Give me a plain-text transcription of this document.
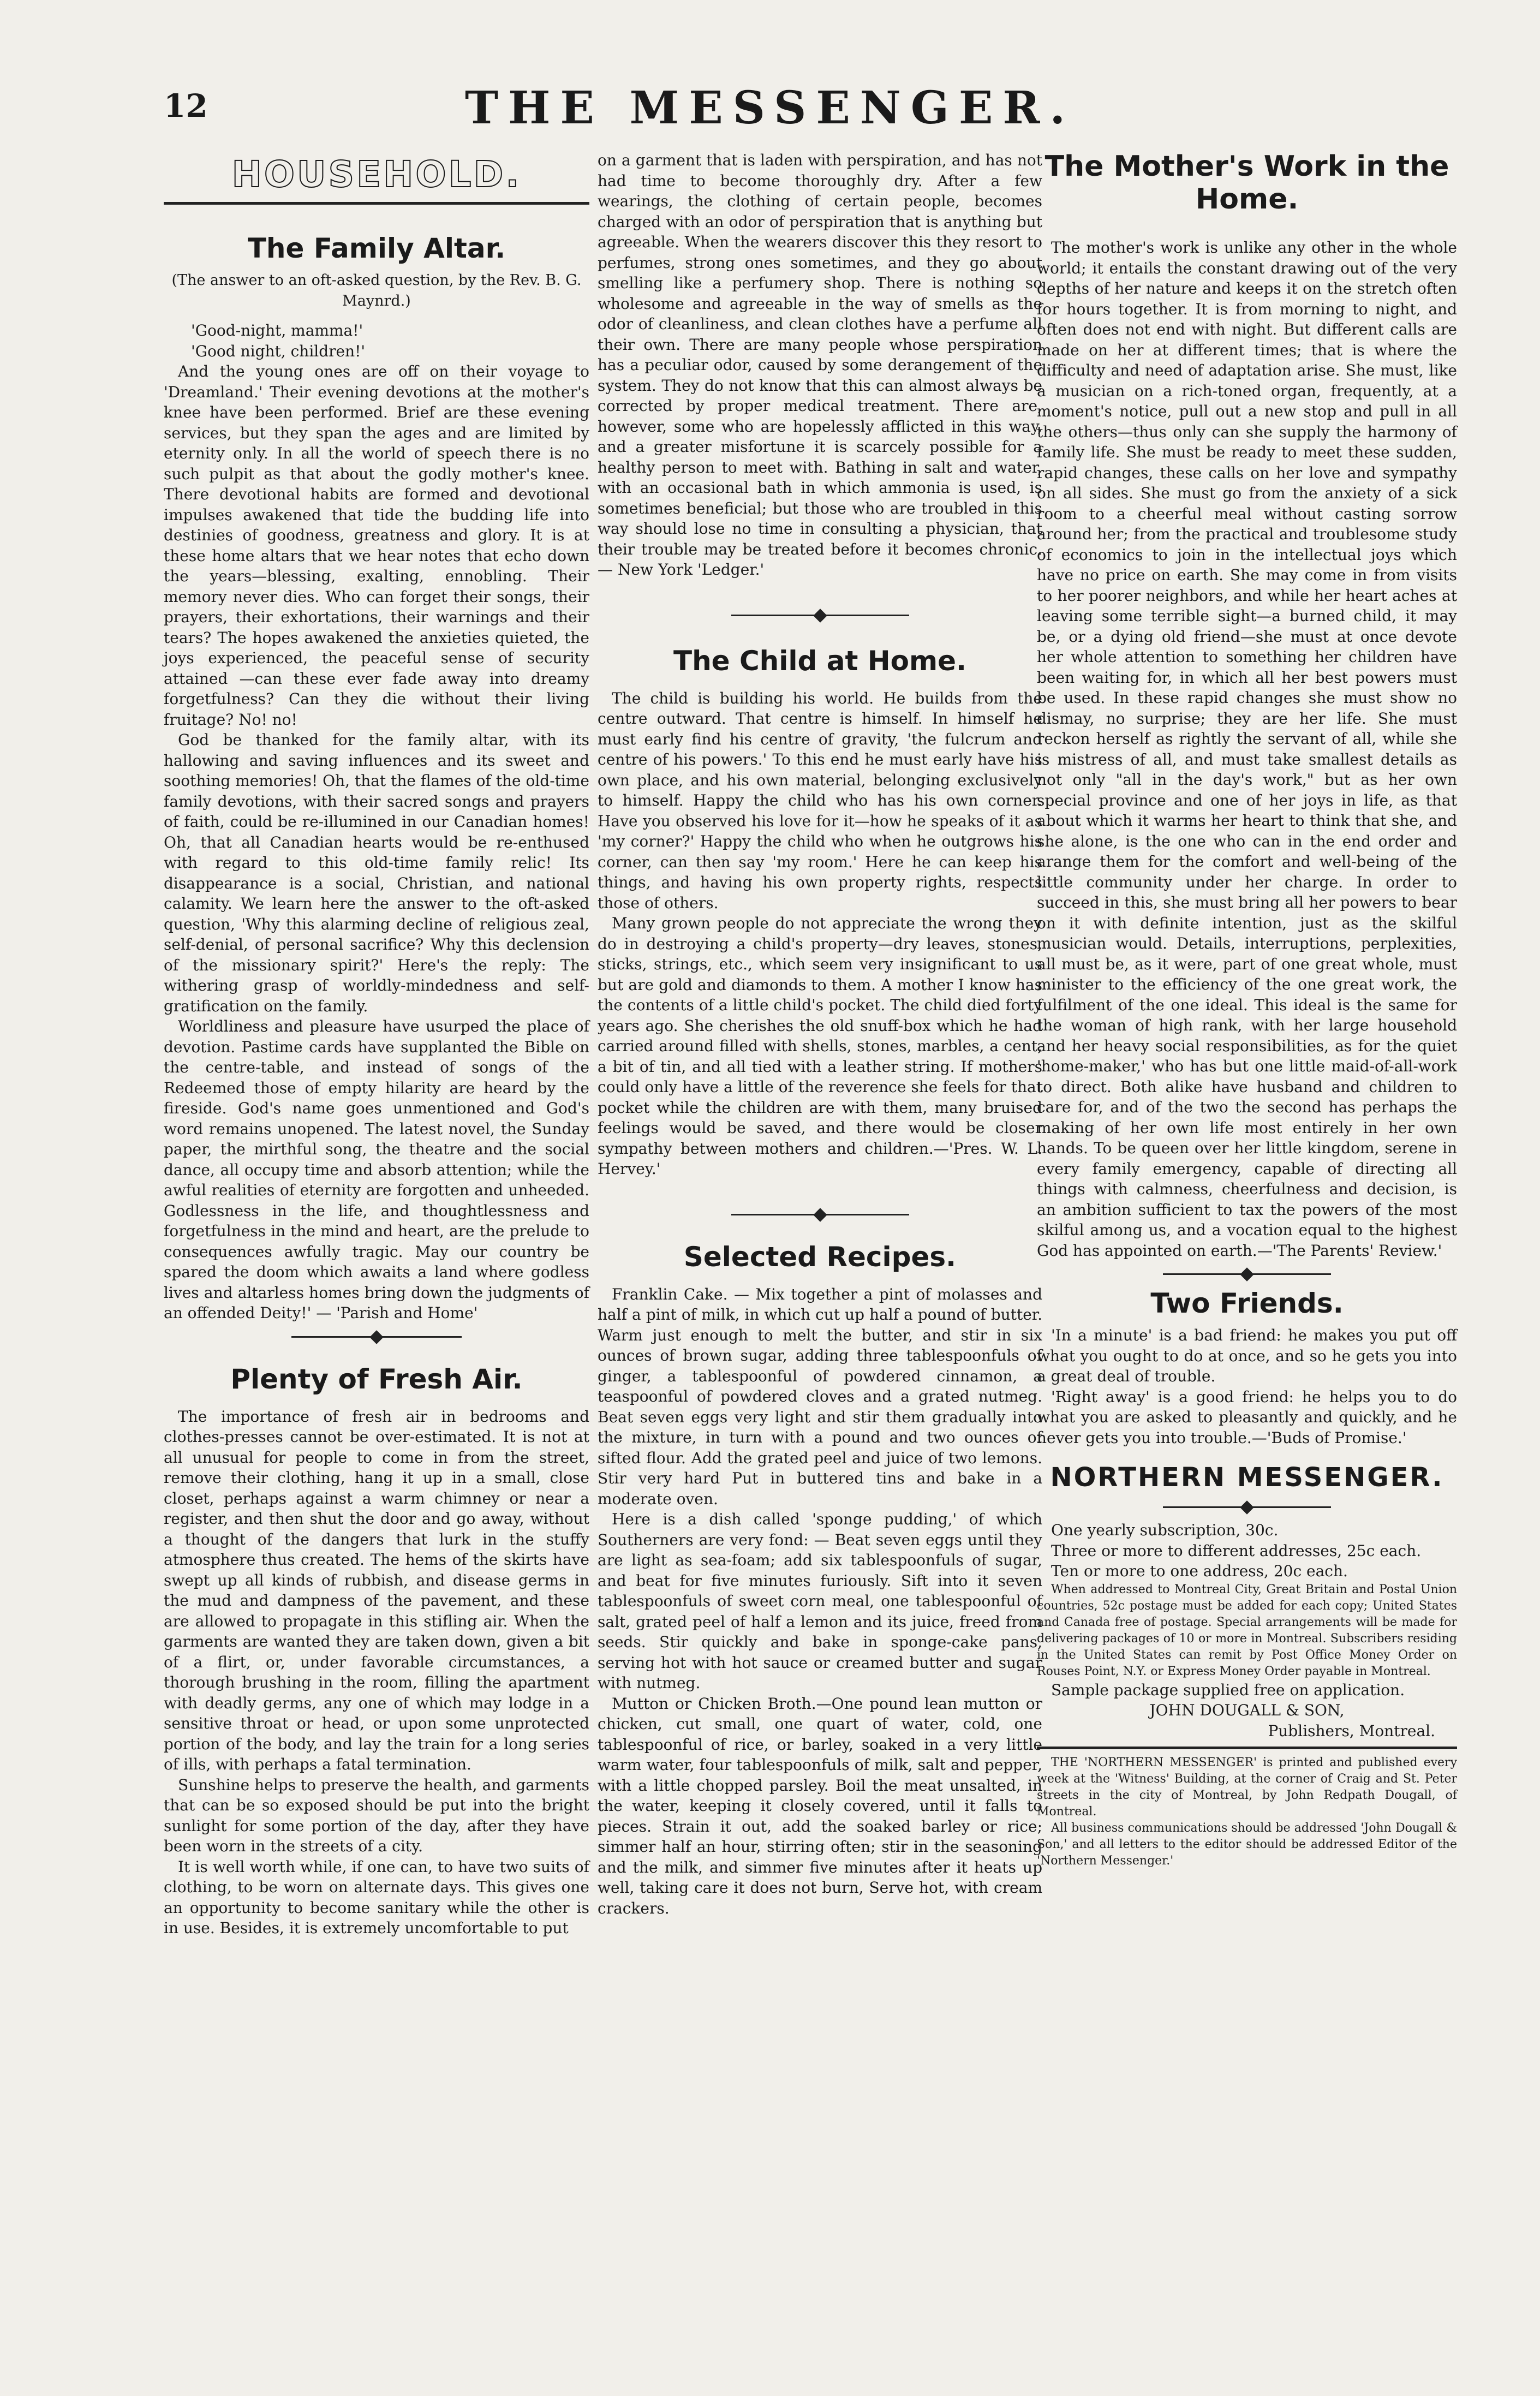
12	THE MESSENGER.
HOUSEHOLD.
The Family Altar.
(The answer to an oft-asked question, by the Rev. B. G. Maynrd.)

'Good-night, mamma!'

'Good night, children!'

And the young ones are off on their voyage to 'Dreamland.' Their evening devotions at the mother's knee have been performed. Brief are these evening services, but they span the ages and are limited by eternity only. In all the world of speech there is no such pulpit as that about the godly mother's knee. There devotional habits are formed and devotional impulses awakened that tide the budding life into destinies of goodness, greatness and glory. It is at these home altars that we hear notes that echo down the years—blessing, exalting, ennobling. Their memory never dies. Who can forget their songs, their prayers, their exhortations, their warnings and their tears? The hopes awakened the anxieties quieted, the joys experienced, the peaceful sense of security attained —can these ever fade away into dreamy forgetfulness? Can they die without their living fruitage? No! no!

God be thanked for the family altar, with its hallowing and saving influences and its sweet and soothing memories! Oh, that the flames of the old-time family devotions, with their sacred songs and prayers of faith, could be re-illumined in our Canadian homes! Oh, that all Canadian hearts would be re-enthused with regard to this old-time family relic! Its disappearance is a social, Christian, and national calamity. We learn here the answer to the oft-asked question, 'Why this alarming decline of religious zeal, self-denial, of personal sacrifice? Why this declension of the missionary spirit?' Here's the reply: The withering grasp of worldly-mindedness and self-gratification on the family.

Worldliness and pleasure have usurped the place of devotion. Pastime cards have supplanted the Bible on the centre-table, and instead of songs of the Redeemed those of empty hilarity are heard by the fireside. God's name goes unmentioned and God's word remains unopened. The latest novel, the Sunday paper, the mirthful song, the theatre and the social dance, all occupy time and absorb attention; while the awful realities of eternity are forgotten and unheeded. Godlessness in the life, and thoughtlessness and forgetfulness in the mind and heart, are the prelude to consequences awfully tragic. May our country be spared the doom which awaits a land where godless lives and altarless homes bring down the judgments of an offended Deity!' — 'Parish and Home'

Plenty of Fresh Air.

The importance of fresh air in bedrooms and clothes-presses cannot be over-estimated. It is not at all unusual for people to come in from the street, remove their clothing, hang it up in a small, close closet, perhaps against a warm chimney or near a register, and then shut the door and go away, without a thought of the dangers that lurk in the stuffy atmosphere thus created. The hems of the skirts have swept up all kinds of rubbish, and disease germs in the mud and dampness of the pavement, and these are allowed to propagate in this stifling air. When the garments are wanted they are taken down, given a bit of a flirt, or, under favorable circumstances, a thorough brushing in the room, filling the apartment with deadly germs, any one of which may lodge in a sensitive throat or head, or upon some unprotected portion of the body, and lay the train for a long series of ills, with perhaps a fatal termination.

Sunshine helps to preserve the health, and garments that can be so exposed should be put into the bright sunlight for some portion of the day, after they have been worn in the streets of a city.

It is well worth while, if one can, to have two suits of clothing, to be worn on alternate days. This gives one an opportunity to become sanitary while the other is in use. Besides, it is extremely uncomfortable to put

on a garment that is laden with perspiration, and has not had time to become thoroughly dry. After a few wearings, the clothing of certain people, becomes charged with an odor of perspiration that is anything but agreeable. When the wearers discover this they resort to perfumes, strong ones sometimes, and they go about smelling like a perfumery shop. There is nothing so wholesome and agreeable in the way of smells as the odor of cleanliness, and clean clothes have a perfume all their own. There are many people whose perspiration has a peculiar odor, caused by some derangement of the system. They do not know that this can almost always be corrected by proper medical treatment. There are, however, some who are hopelessly afflicted in this way, and a greater misfortune it is scarcely possible for a healthy person to meet with. Bathing in salt and water, with an occasional bath in which ammonia is used, is sometimes beneficial; but those who are troubled in this way should lose no time in consulting a physician, that their trouble may be treated before it becomes chronic. — New York 'Ledger.'

The Child at Home.

The child is building his world. He builds from the centre outward. That centre is himself. In himself he must early find his centre of gravity, 'the fulcrum and centre of his powers.' To this end he must early have his own place, and his own material, belonging exclusively to himself. Happy the child who has his own corner. Have you observed his love for it—how he speaks of it as 'my corner?' Happy the child who when he outgrows his corner, can then say 'my room.' Here he can keep his things, and having his own property rights, respects those of others.

Many grown people do not appreciate the wrong they do in destroying a child's property—dry leaves, stones, sticks, strings, etc., which seem very insignificant to us but are gold and diamonds to them. A mother I know has the contents of a little child's pocket. The child died forty years ago. She cherishes the old snuff-box which he had carried around filled with shells, stones, marbles, a cent, a bit of tin, and all tied with a leather string. If mothers could only have a little of the reverence she feels for that pocket while the children are with them, many bruised feelings would be saved, and there would be closer sympathy between mothers and children.—'Pres. W. L. Hervey.'

Selected Recipes.

Franklin Cake. — Mix together a pint of molasses and half a pint of milk, in which cut up half a pound of butter. Warm just enough to melt the butter, and stir in six ounces of brown sugar, adding three tablespoonfuls of ginger, a tablespoonful of powdered cinnamon, a teaspoonful of powdered cloves and a grated nutmeg. Beat seven eggs very light and stir them gradually into the mixture, in turn with a pound and two ounces of sifted flour. Add the grated peel and juice of two lemons. Stir very hard Put in buttered tins and bake in a moderate oven.

Here is a dish called 'sponge pudding,' of which Southerners are very fond: — Beat seven eggs until they are light as sea-foam; add six tablespoonfuls of sugar, and beat for five minutes furiously. Sift into it seven tablespoonfuls of sweet corn meal, one tablespoonful of salt, grated peel of half a lemon and its juice, freed from seeds. Stir quickly and bake in sponge-cake pans, serving hot with hot sauce or creamed butter and sugar with nutmeg.

Mutton or Chicken Broth.—One pound lean mutton or chicken, cut small, one quart of water, cold, one tablespoonful of rice, or barley, soaked in a very little warm water, four tablespoonfuls of milk, salt and pepper, with a little chopped parsley. Boil the meat unsalted, in the water, keeping it closely covered, until it falls to pieces. Strain it out, add the soaked barley or rice; simmer half an hour, stirring often; stir in the seasoning and the milk, and simmer five minutes after it heats up well, taking care it does not burn, Serve hot, with cream crackers.

The Mother's Work in the Home.

The mother's work is unlike any other in the whole world; it entails the constant drawing out of the very depths of her nature and keeps it on the stretch often for hours together. It is from morning to night, and often does not end with night. But different calls are made on her at different times; that is where the difficulty and need of adaptation arise. She must, like a musician on a rich-toned organ, frequently, at a moment's notice, pull out a new stop and pull in all the others—thus only can she supply the harmony of family life. She must be ready to meet these sudden, rapid changes, these calls on her love and sympathy on all sides. She must go from the anxiety of a sick room to a cheerful meal without casting sorrow around her; from the practical and troublesome study of economics to join in the intellectual joys which have no price on earth. She may come in from visits to her poorer neighbors, and while her heart aches at leaving some terrible sight—a burned child, it may be, or a dying old friend—she must at once devote her whole attention to something her children have been waiting for, in which all her best powers must be used. In these rapid changes she must show no dismay, no surprise; they are her life. She must reckon herself as rightly the servant of all, while she is mistress of all, and must take smallest details as not only "all in the day's work," but as her own special province and one of her joys in life, as that about which it warms her heart to think that she, and she alone, is the one who can in the end order and arange them for the comfort and well-being of the little community under her charge. In order to succeed in this, she must bring all her powers to bear on it with definite intention, just as the skilful musician would. Details, interruptions, perplexities, all must be, as it were, part of one great whole, must minister to the efficiency of the one great work, the fulfilment of the one ideal. This ideal is the same for the woman of high rank, with her large household and her heavy social responsibilities, as for the quiet 'home-maker,' who has but one little maid-of-all-work to direct. Both alike have husband and children to care for, and of the two the second has perhaps the making of her own life most entirely in her own hands. To be queen over her little kingdom, serene in every family emergency, capable of directing all things with calmness, cheerfulness and decision, is an ambition sufficient to tax the powers of the most skilful among us, and a vocation equal to the highest God has appointed on earth.—'The Parents' Review.'

Two Friends.

'In a minute' is a bad friend: he makes you put off what you ought to do at once, and so he gets you into a great deal of trouble.

'Right away' is a good friend: he helps you to do what you are asked to pleasantly and quickly, and he never gets you into trouble.—'Buds of Promise.'

NORTHERN MESSENGER.

One yearly subscription, 30c.

Three or more to different addresses, 25c each.

Ten or more to one address, 20c each.

When addressed to Montreal City, Great Britain and Postal Union countries, 52c postage must be added for each copy; United States and Canada free of postage. Special arrangements will be made for delivering packages of 10 or more in Montreal. Subscribers residing in the United States can remit by Post Office Money Order on Rouses Point, N.Y. or Express Money Order payable in Montreal.

Sample package supplied free on application.

JOHN DOUGALL & SON,

Publishers, Montreal.

THE 'NORTHERN MESSENGER' is printed and published every week at the 'Witness' Building, at the corner of Craig and St. Peter streets in the city of Montreal, by John Redpath Dougall, of Montreal.

All business communications should be addressed 'John Dougall & Son,' and all letters to the editor should be addressed Editor of the 'Northern Messenger.'
